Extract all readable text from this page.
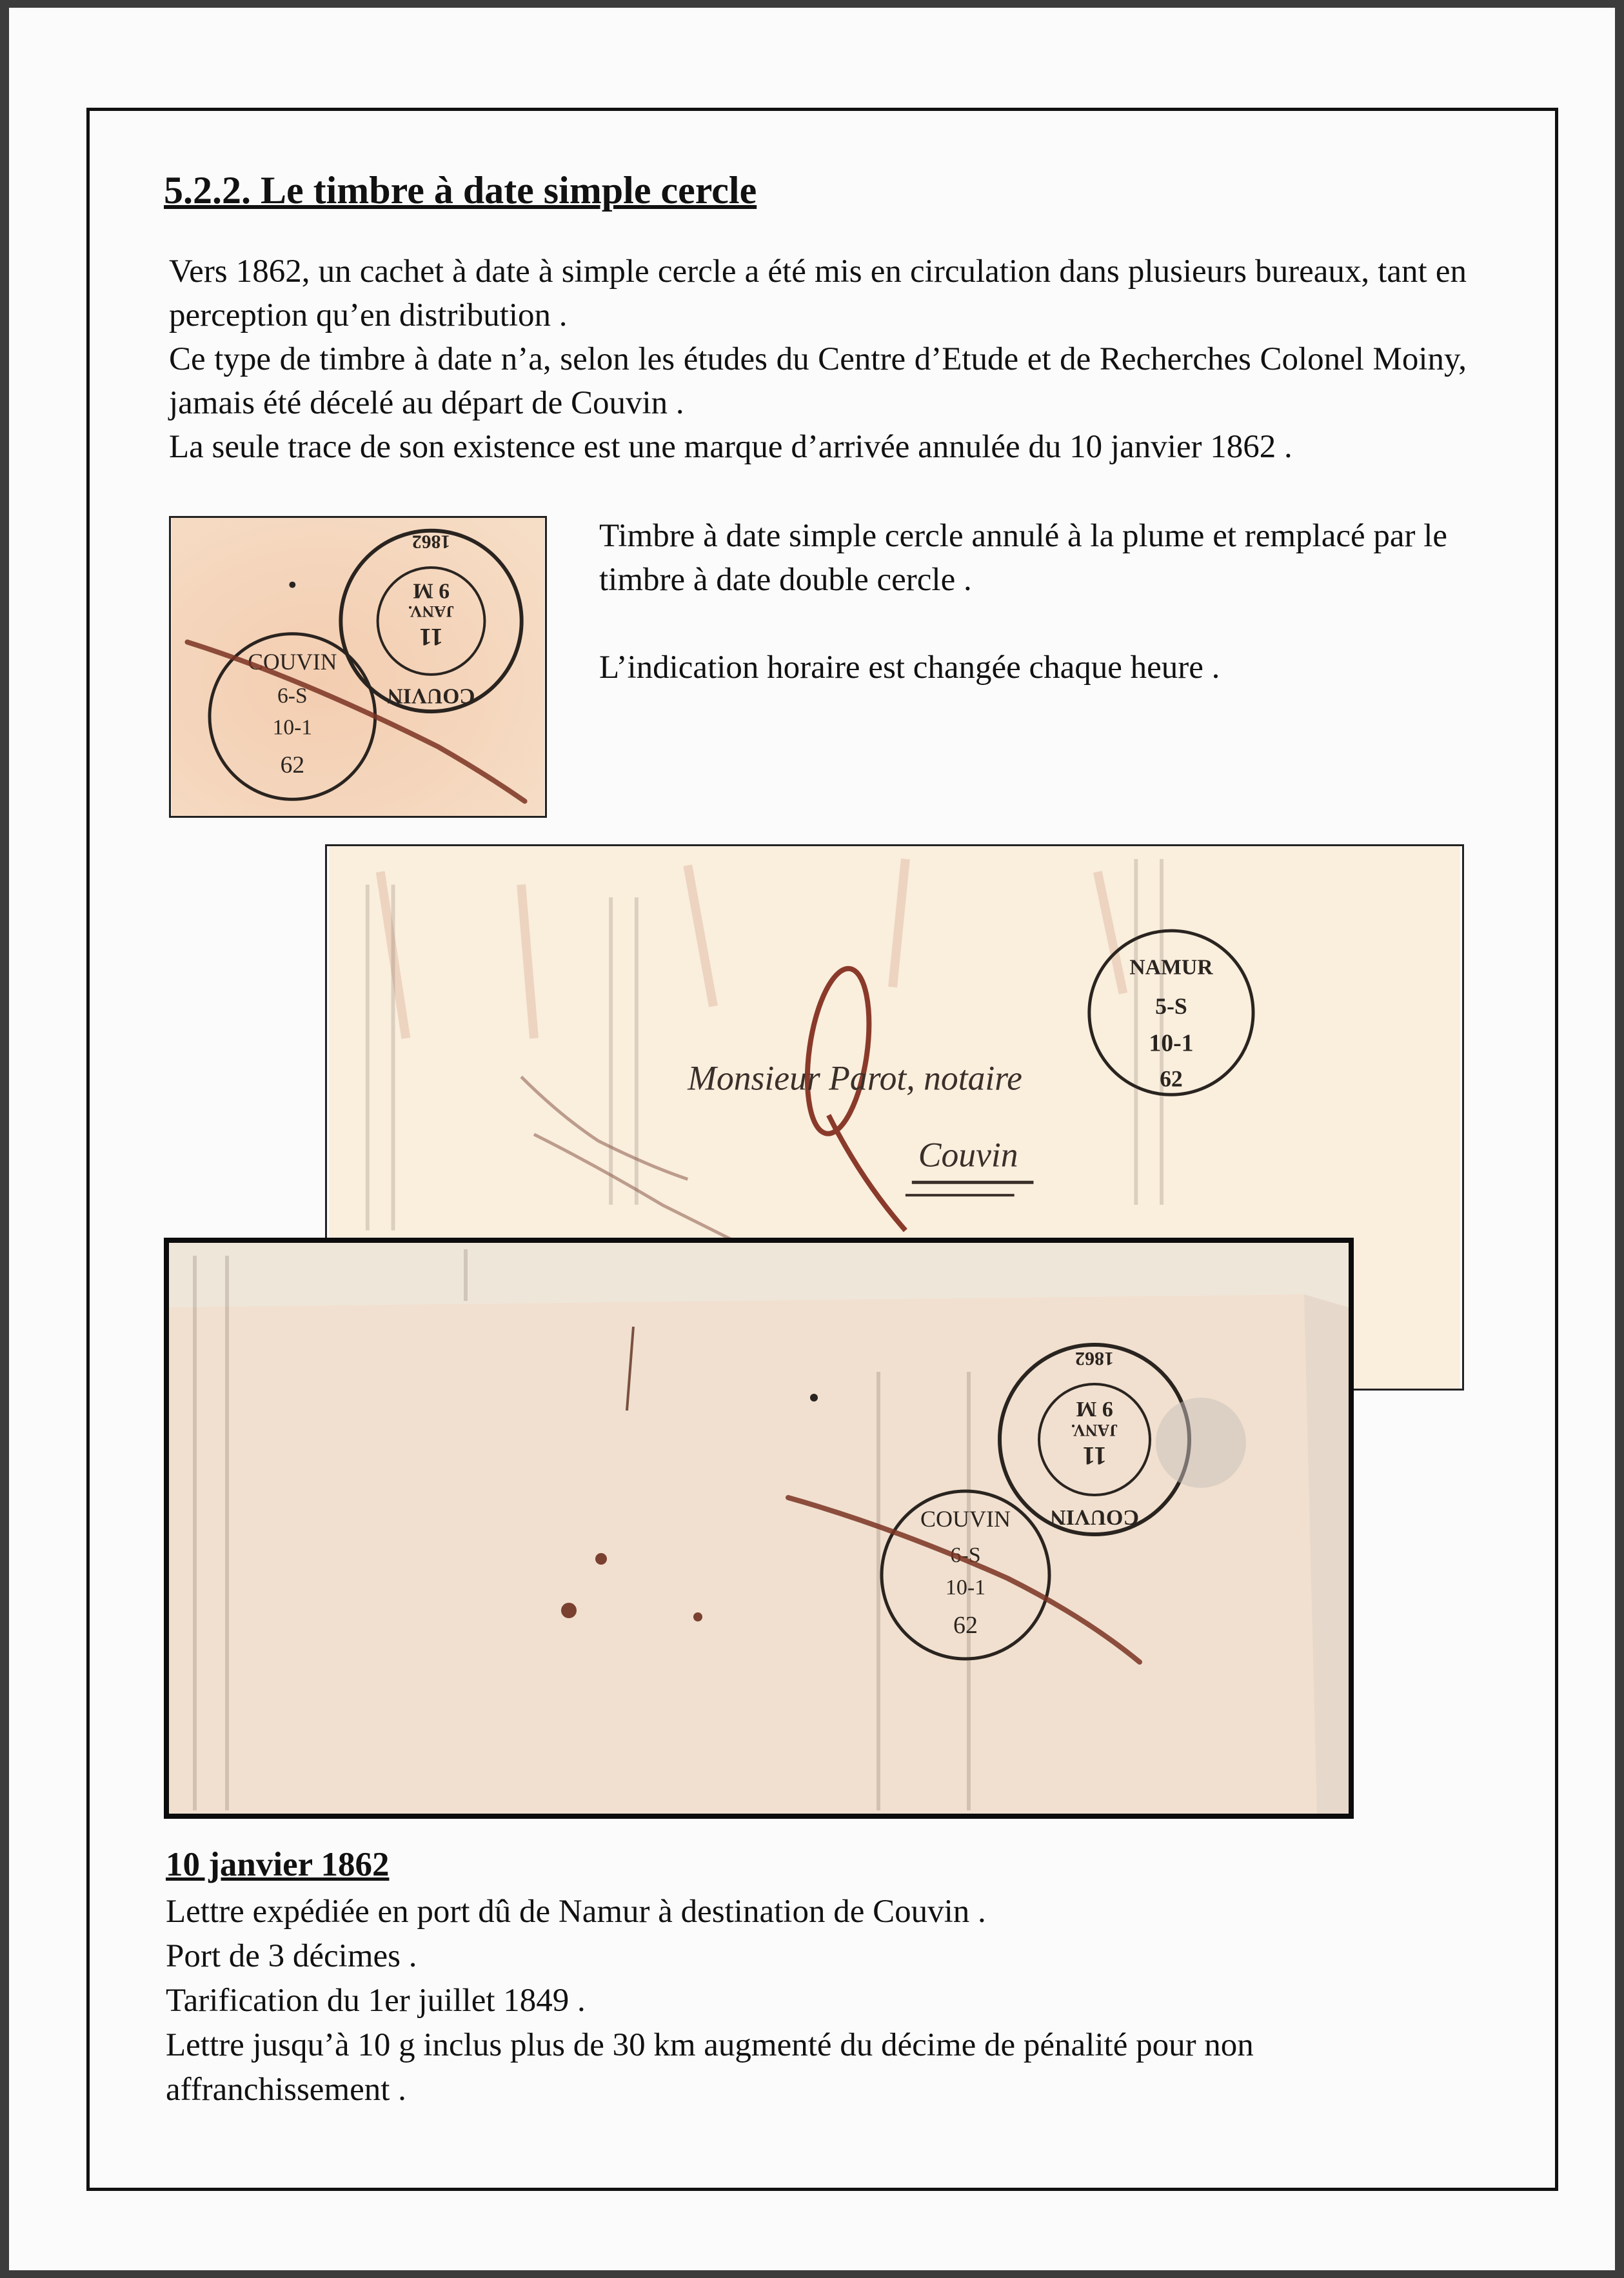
5.2.2. Le timbre à date simple cercle

Vers 1862, un cachet à date à simple cercle a été mis en circulation dans plusieurs bureaux, tant en perception qu’en distribution .

Ce type de timbre à date n’a, selon les études du Centre d’Etude et de Recherches Colonel Moiny, jamais été décelé au départ de Couvin .

La seule trace de son existence est une marque d’arrivée annulée du 10 janvier 1862 .

COUVIN
11
JANV.
9 M
1862
COUVIN
6-S
10-1
62

Timbre à date simple cercle annulé à la plume et remplacé par le timbre à date double cercle .

L’indication horaire est changée chaque heure .

NAMUR
5-S
10-1
62
Monsieur Parot, notaire
Couvin
COUVIN
11
JANV.
9 M
1862
COUVIN
6-S
10-1
62
10 janvier 1862

Lettre expédiée en port dû de Namur à destination de Couvin .

Port de 3 décimes .

Tarification du 1er juillet 1849 .

Lettre jusqu’à 10 g inclus plus de 30 km augmenté du décime de pénalité pour non affranchissement .
